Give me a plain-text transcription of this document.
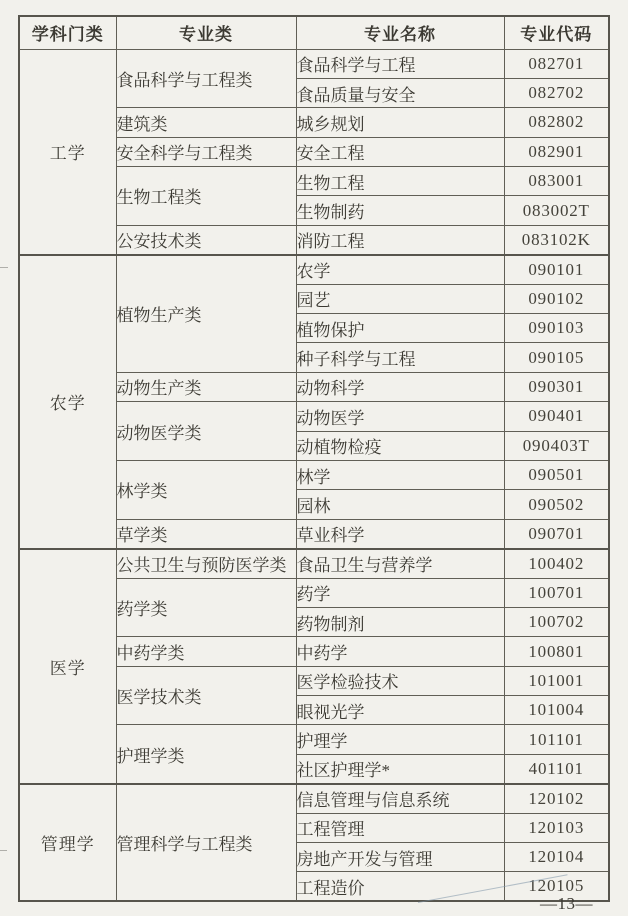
学科门类	专业类	专业名称	专业代码
工学	食品科学与工程类	食品科学与工程	082701
		食品质量与安全	082702
	建筑类	城乡规划	082802
	安全科学与工程类	安全工程	082901
	生物工程类	生物工程	083001
		生物制药	083002T
	公安技术类	消防工程	083102K
农学	植物生产类	农学	090101
		园艺	090102
		植物保护	090103
		种子科学与工程	090105
	动物生产类	动物科学	090301
	动物医学类	动物医学	090401
		动植物检疫	090403T
	林学类	林学	090501
		园林	090502
	草学类	草业科学	090701
医学	公共卫生与预防医学类	食品卫生与营养学	100402
	药学类	药学	100701
		药物制剂	100702
	中药学类	中药学	100801
	医学技术类	医学检验技术	101001
		眼视光学	101004
	护理学类	护理学	101101
		社区护理学*	401101
管理学	管理科学与工程类	信息管理与信息系统	120102
		工程管理	120103
		房地产开发与管理	120104
		工程造价	120105
—13—
